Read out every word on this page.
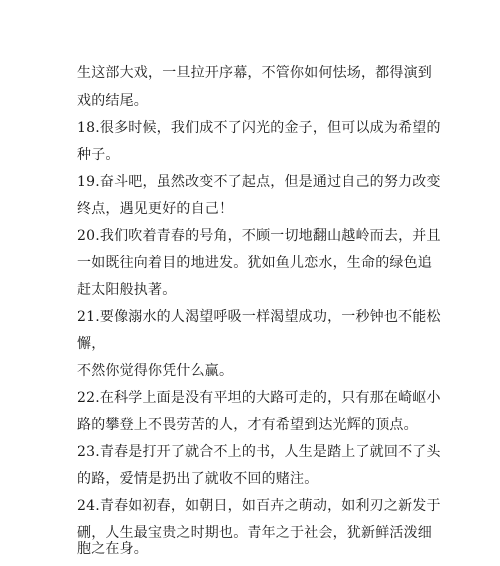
生这部大戏，一旦拉开序幕，不管你如何怯场，都得演到
戏的结尾。
18.很多时候，我们成不了闪光的金子，但可以成为希望的
种子。
19.奋斗吧，虽然改变不了起点，但是通过自己的努力改变
终点，遇见更好的自己！
20.我们吹着青春的号角，不顾一切地翻山越岭而去，并且
一如既往向着目的地进发。犹如鱼儿恋水，生命的绿色追
赶太阳般执著。
21.要像溺水的人渴望呼吸一样渴望成功，一秒钟也不能松
懈，
不然你觉得你凭什么赢。
22.在科学上面是没有平坦的大路可走的，只有那在崎岖小
路的攀登上不畏劳苦的人，才有希望到达光辉的顶点。
23.青春是打开了就合不上的书，人生是踏上了就回不了头
的路，爱情是扔出了就收不回的赌注。
24.青春如初春，如朝日，如百卉之萌动，如利刃之新发于
硎，人生最宝贵之时期也。青年之于社会，犹新鲜活泼细
胞之在身。
